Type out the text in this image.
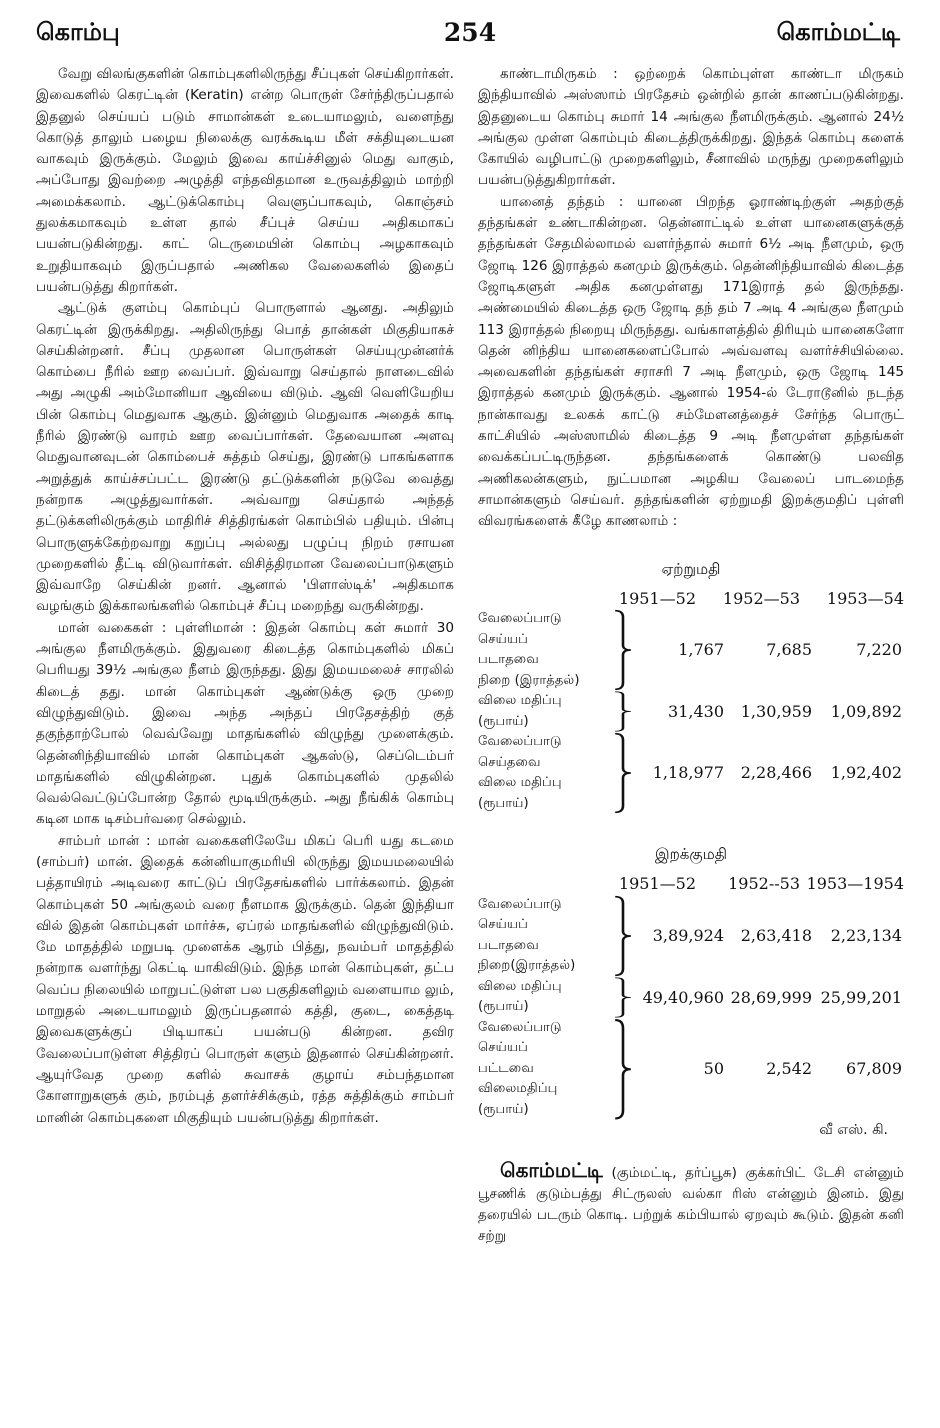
கொம்பு	254	கொம்மட்டி

வேறு விலங்குகளின் கொம்புகளிலிருந்து சீப்புகள் செய்கிறார்கள். இவைகளில் கெரட்டின் (Keratin) என்ற பொருள் சேர்ந்திருப்பதால் இதனுல் செய்யப் படும் சாமான்கள் உடையாமலும், வளைந்து கொடுத் தாலும் பழைய நிலைக்கு வரக்கூடிய மீள் சக்தியுடையன வாகவும் இருக்கும். மேலும் இவை காய்ச்சினுல் மெது வாகும், அப்போது இவற்றை அழுத்தி எந்தவிதமான உருவத்திலும் மாற்றி அமைக்கலாம். ஆட்டுக்கொம்பு வெளுப்பாகவும், கொஞ்சம் துலக்கமாகவும் உள்ள தால் சீப்புச் செய்ய அதிகமாகப் பயன்படுகின்றது. காட் டெருமையின் கொம்பு அழகாகவும் உறுதியாகவும் இருப்பதால் அணிகல வேலைகளில் இதைப் பயன்படுத்து கிறார்கள்.

ஆட்டுக் குளம்பு கொம்புப் பொருளால் ஆனது. அதிலும் கெரட்டின் இருக்கிறது. அதிலிருந்து பொத் தான்கள் மிகுதியாகச் செய்கின்றனர். சீப்பு முதலான பொருள்கள் செய்யுமுன்னர்க் கொம்பை நீரில் ஊற வைப்பர். இவ்வாறு செய்தால் நாளடைவில் அது அழுகி அம்மோனியா ஆவியை விடும். ஆவி வெளியேறிய பின் கொம்பு மெதுவாக ஆகும். இன்னும் மெதுவாக அதைக் காடி நீரில் இரண்டு வாரம் ஊற வைப்பார்கள். தேவையான அளவு மெதுவானவுடன் கொம்பைச் சுத்தம் செய்து, இரண்டு பாகங்களாக அறுத்துக் காய்ச்சப்பட்ட இரண்டு தட்டுக்களின் நடுவே வைத்து நன்றாக அழுத்துவார்கள். அவ்வாறு செய்தால் அந்தத் தட்டுக்களிலிருக்கும் மாதிரிச் சித்திரங்கள் கொம்பில் பதியும். பின்பு பொருளுக்கேற்றவாறு கறுப்பு அல்லது பழுப்பு நிறம் ரசாயன முறைகளில் தீட்டி விடுவார்கள். விசித்திரமான வேலைப்பாடுகளும் இவ்வாறே செய்கின் றனர். ஆனால் 'பிளாஸ்டிக்' அதிகமாக வழங்கும் இக்காலங்களில் கொம்புச் சீப்பு மறைந்து வருகின்றது.

மான் வகைகள் : புள்ளிமான் : இதன் கொம்பு கள் சுமார் 30 அங்குல நீளமிருக்கும். இதுவரை கிடைத்த கொம்புகளில் மிகப் பெரியது 39½ அங்குல நீளம் இருந்தது. இது இமயமலைச் சாரலில் கிடைத் தது. மான் கொம்புகள் ஆண்டுக்கு ஒரு முறை விழுந்துவிடும். இவை அந்த அந்தப் பிரதேசத்திற் குத் தகுந்தாற்போல் வெவ்வேறு மாதங்களில் விழுந்து முளைக்கும். தென்னிந்தியாவில் மான் கொம்புகள் ஆகஸ்டு, செப்டெம்பர் மாதங்களில் விழுகின்றன. புதுக் கொம்புகளில் முதலில் வெல்வெட்டுப்போன்ற தோல் மூடியிருக்கும். அது நீங்கிக் கொம்பு கடின மாக டிசம்பர்வரை செல்லும்.

சாம்பர் மான் : மான் வகைகளிலேயே மிகப் பெரி யது கடமை (சாம்பர்) மான். இதைக் கன்னியாகுமரியி லிருந்து இமயமலையில் பத்தாயிரம் அடிவரை காட்டுப் பிரதேசங்களில் பார்க்கலாம். இதன் கொம்புகள் 50 அங்குலம் வரை நீளமாக இருக்கும். தென் இந்தியா வில் இதன் கொம்புகள் மார்ச்சு, ஏப்ரல் மாதங்களில் விழுந்துவிடும். மே மாதத்தில் மறுபடி முளைக்க ஆரம் பித்து, நவம்பர் மாதத்தில் நன்றாக வளர்ந்து கெட்டி யாகிவிடும். இந்த மான் கொம்புகள், தட்ப வெப்ப நிலையில் மாறுபட்டுள்ள பல பகுதிகளிலும் வளையாம லும், மாறுதல் அடையாமலும் இருப்பதனால் கத்தி, குடை, கைத்தடி இவைகளுக்குப் பிடியாகப் பயன்படு கின்றன. தவிர வேலைப்பாடுள்ள சித்திரப் பொருள் களும் இதனால் செய்கின்றனர். ஆயுர்வேத முறை களில் சுவாசக் குழாய் சம்பந்தமான கோளாறுகளுக் கும், நரம்புத் தளர்ச்சிக்கும், ரத்த சுத்திக்கும் சாம்பர் மானின் கொம்புகளை மிகுதியும் பயன்படுத்து கிறார்கள்.

காண்டாமிருகம் : ஒற்றைக் கொம்புள்ள காண்டா மிருகம் இந்தியாவில் அஸ்ஸாம் பிரதேசம் ஒன்றில் தான் காணப்படுகின்றது. இதனுடைய கொம்பு சுமார் 14 அங்குல நீளமிருக்கும். ஆனால் 24½ அங்குல முள்ள கொம்பும் கிடைத்திருக்கிறது. இந்தக் கொம்பு களைக் கோயில் வழிபாட்டு முறைகளிலும், சீனாவில் மருந்து முறைகளிலும் பயன்படுத்துகிறார்கள்.

யானைத் தந்தம் : யானை பிறந்த ஓராண்டிற்குள் அதற்குத் தந்தங்கள் உண்டாகின்றன. தென்னாட்டில் உள்ள யானைகளுக்குத் தந்தங்கள் சேதமில்லாமல் வளர்ந்தால் சுமார் 6½ அடி நீளமும், ஒரு ஜோடி 126 இராத்தல் கனமும் இருக்கும். தென்னிந்தியாவில் கிடைத்த ஜோடிகளுள் அதிக கனமுள்ளது 171இராத் தல் இருந்தது. அண்மையில் கிடைத்த ஒரு ஜோடி தந் தம் 7 அடி 4 அங்குல நீளமும் 113 இராத்தல் நிறையு மிருந்தது. வங்காளத்தில் திரியும் யானைகளோ தென் னிந்திய யானைகளைப்போல் அவ்வளவு வளர்ச்சியில்லை. அவைகளின் தந்தங்கள் சராசரி 7 அடி நீளமும், ஒரு ஜோடி 145 இராத்தல் கனமும் இருக்கும். ஆனால் 1954-ல் டேராடூனில் நடந்த நான்காவது உலகக் காட்டு சம்மேளனத்தைச் சேர்ந்த பொருட் காட்சியில் அஸ்ஸாமில் கிடைத்த 9 அடி நீளமுள்ள தந்தங்கள் வைக்கப்பட்டிருந்தன. தந்தங்களைக் கொண்டு பலவித அணிகலன்களும், நுட்பமான அழகிய வேலைப் பாடமைந்த சாமான்களும் செய்வர். தந்தங்களின் ஏற்றுமதி இறக்குமதிப் புள்ளி விவரங்களைக் கீழே காணலாம் :

ஏற்றுமதி
1951—52	1952—53	1953—54
வேலைப்பாடு
செய்யப்
படாதவை
நிறை (இராத்தல்)
1,767	7,685	7,220
விலை மதிப்பு
(ரூபாய்)
31,430	1,30,959	1,09,892
வேலைப்பாடு
செய்தவை
விலை மதிப்பு
(ரூபாய்)
1,18,977	2,28,466	1,92,402
இறக்குமதி
1951—52	1952--53 1953—1954
வேலைப்பாடு
செய்யப்
படாதவை
நிறை(இராத்தல்)
3,89,924	2,63,418	2,23,134
விலை மதிப்பு
(ரூபாய்)
49,40,960 28,69,999 25,99,201
வேலைப்பாடு
செய்யப்
பட்டவை
விலைமதிப்பு
(ரூபாய்)
50	2,542	67,809
வீ எஸ். கி.

கொம்மட்டி (கும்மட்டி, தர்ப்பூசு) குக்கர்பிட் டேசி என்னும் பூசணிக் குடும்பத்து சிட்ருலஸ் வல்கா ரிஸ் என்னும் இனம். இது தரையில் படரும் கொடி. பற்றுக் கம்பியால் ஏறவும் கூடும். இதன் கனி சற்று
